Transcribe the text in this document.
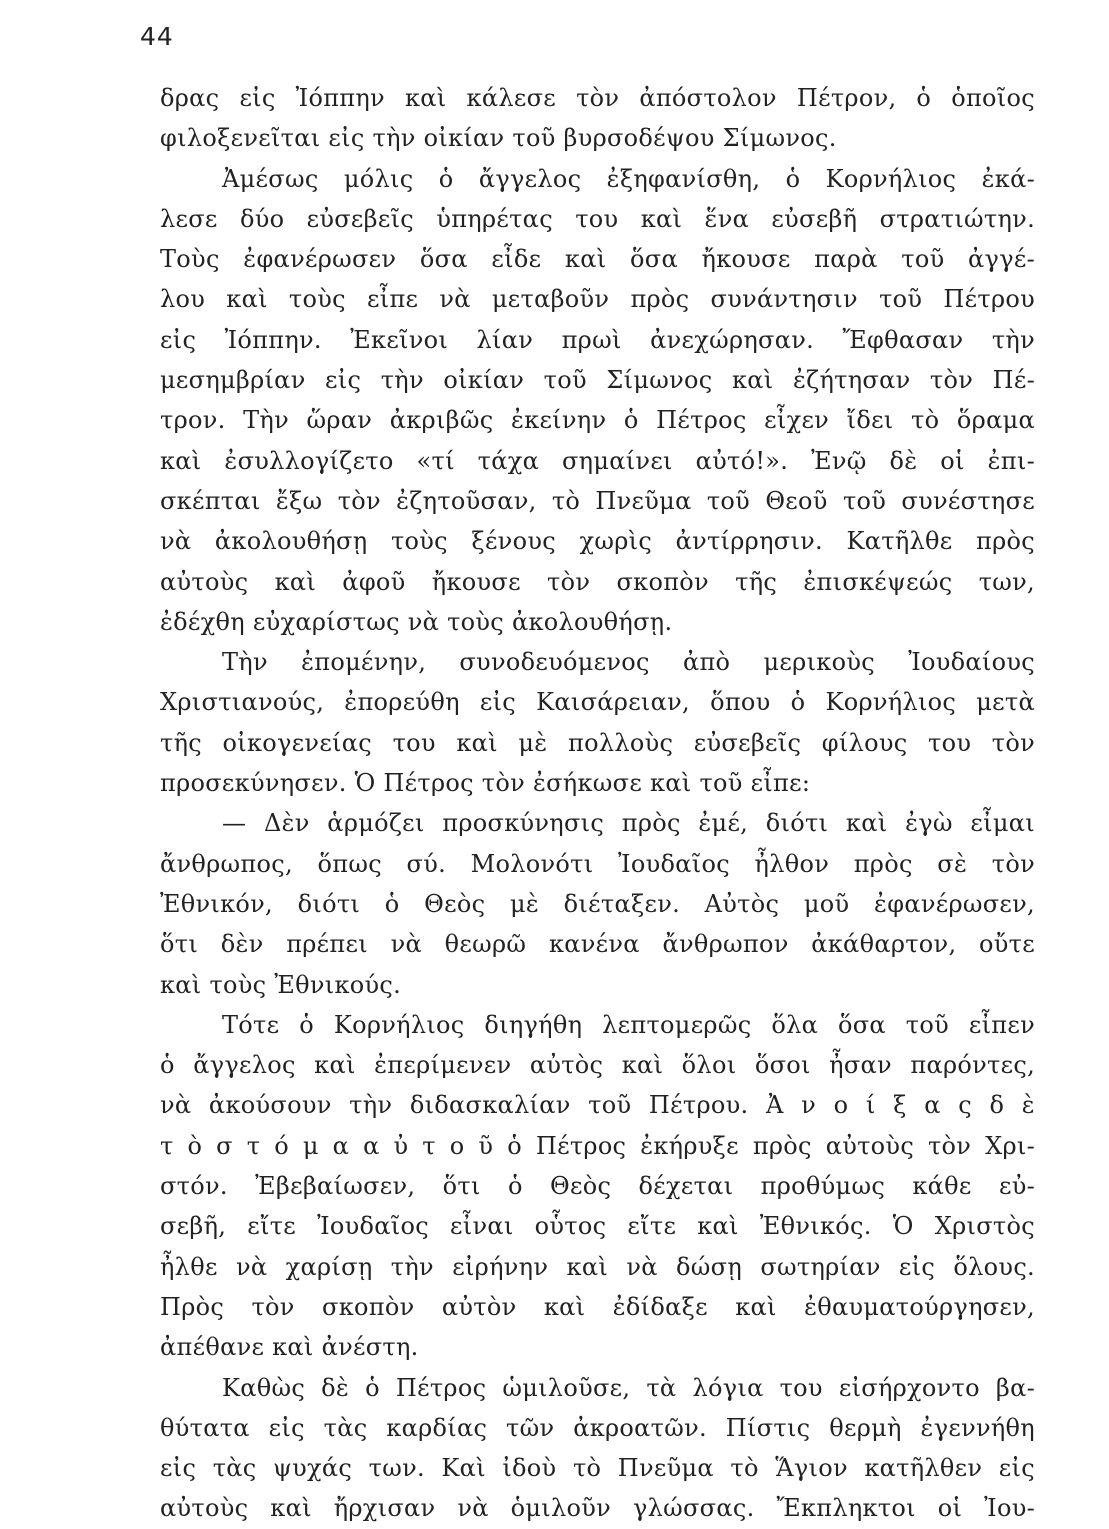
44
δρας εἰς Ἰόππην καὶ κάλεσε τὸν ἀπόστολον Πέτρον, ὁ ὁποῖος
φιλοξενεῖται εἰς τὴν οἰκίαν τοῦ βυρσοδέψου Σίμωνος.
Ἀμέσως μόλις ὁ ἄγγελος ἐξηφανίσθη, ὁ Κορνήλιος ἐκά-
λεσε δύο εὐσεβεῖς ὑπηρέτας του καὶ ἕνα εὐσεβῆ στρατιώτην.
Τοὺς ἐφανέρωσεν ὅσα εἶδε καὶ ὅσα ἤκουσε παρὰ τοῦ ἀγγέ-
λου καὶ τοὺς εἶπε νὰ μεταβοῦν πρὸς συνάντησιν τοῦ Πέτρου
εἰς Ἰόππην. Ἐκεῖνοι λίαν πρωὶ ἀνεχώρησαν. Ἔφθασαν τὴν
μεσημβρίαν εἰς τὴν οἰκίαν τοῦ Σίμωνος καὶ ἐζήτησαν τὸν Πέ-
τρον. Τὴν ὥραν ἀκριβῶς ἐκείνην ὁ Πέτρος εἶχεν ἴδει τὸ ὅραμα
καὶ ἐσυλλογίζετο «τί τάχα σημαίνει αὐτό!». Ἐνῷ δὲ οἱ ἐπι-
σκέπται ἔξω τὸν ἐζητοῦσαν, τὸ Πνεῦμα τοῦ Θεοῦ τοῦ συνέστησε
νὰ ἀκολουθήσῃ τοὺς ξένους χωρὶς ἀντίρρησιν. Κατῆλθε πρὸς
αὐτοὺς καὶ ἀφοῦ ἤκουσε τὸν σκοπὸν τῆς ἐπισκέψεώς των,
ἐδέχθη εὐχαρίστως νὰ τοὺς ἀκολουθήσῃ.
Τὴν ἐπομένην, συνοδευόμενος ἀπὸ μερικοὺς Ἰουδαίους
Χριστιανούς, ἐπορεύθη εἰς Καισάρειαν, ὅπου ὁ Κορνήλιος μετὰ
τῆς οἰκογενείας του καὶ μὲ πολλοὺς εὐσεβεῖς φίλους του τὸν
προσεκύνησεν. Ὁ Πέτρος τὸν ἐσήκωσε καὶ τοῦ εἶπε:
— Δὲν ἁρμόζει προσκύνησις πρὸς ἐμέ, διότι καὶ ἐγὼ εἶμαι
ἄνθρωπος, ὅπως σύ. Μολονότι Ἰουδαῖος ἦλθον πρὸς σὲ τὸν
Ἐθνικόν, διότι ὁ Θεὸς μὲ διέταξεν. Αὐτὸς μοῦ ἐφανέρωσεν,
ὅτι δὲν πρέπει νὰ θεωρῶ κανένα ἄνθρωπον ἀκάθαρτον, οὔτε
καὶ τοὺς Ἐθνικούς.
Τότε ὁ Κορνήλιος διηγήθη λεπτομερῶς ὅλα ὅσα τοῦ εἶπεν
ὁ ἄγγελος καὶ ἐπερίμενεν αὐτὸς καὶ ὅλοι ὅσοι ἦσαν παρόντες,
νὰ ἀκούσουν τὴν διδασκαλίαν τοῦ Πέτρου. Ἀ ν ο ί ξ α ς δ ὲ
τ ὸ σ τ ό μ α α ὐ τ ο ῦ ὁ Πέτρος ἐκήρυξε πρὸς αὐτοὺς τὸν Χρι-
στόν. Ἐβεβαίωσεν, ὅτι ὁ Θεὸς δέχεται προθύμως κάθε εὐ-
σεβῆ, εἴτε Ἰουδαῖος εἶναι οὗτος εἴτε καὶ Ἐθνικός. Ὁ Χριστὸς
ἦλθε νὰ χαρίσῃ τὴν εἰρήνην καὶ νὰ δώσῃ σωτηρίαν εἰς ὅλους.
Πρὸς τὸν σκοπὸν αὐτὸν καὶ ἐδίδαξε καὶ ἐθαυματούργησεν,
ἀπέθανε καὶ ἀνέστη.
Καθὼς δὲ ὁ Πέτρος ὡμιλοῦσε, τὰ λόγια του εἰσήρχοντο βα-
θύτατα εἰς τὰς καρδίας τῶν ἀκροατῶν. Πίστις θερμὴ ἐγεννήθη
εἰς τὰς ψυχάς των. Καὶ ἰδοὺ τὸ Πνεῦμα τὸ Ἅγιον κατῆλθεν εἰς
αὐτοὺς καὶ ἤρχισαν νὰ ὁμιλοῦν γλώσσας. Ἔκπληκτοι οἱ Ἰου-
